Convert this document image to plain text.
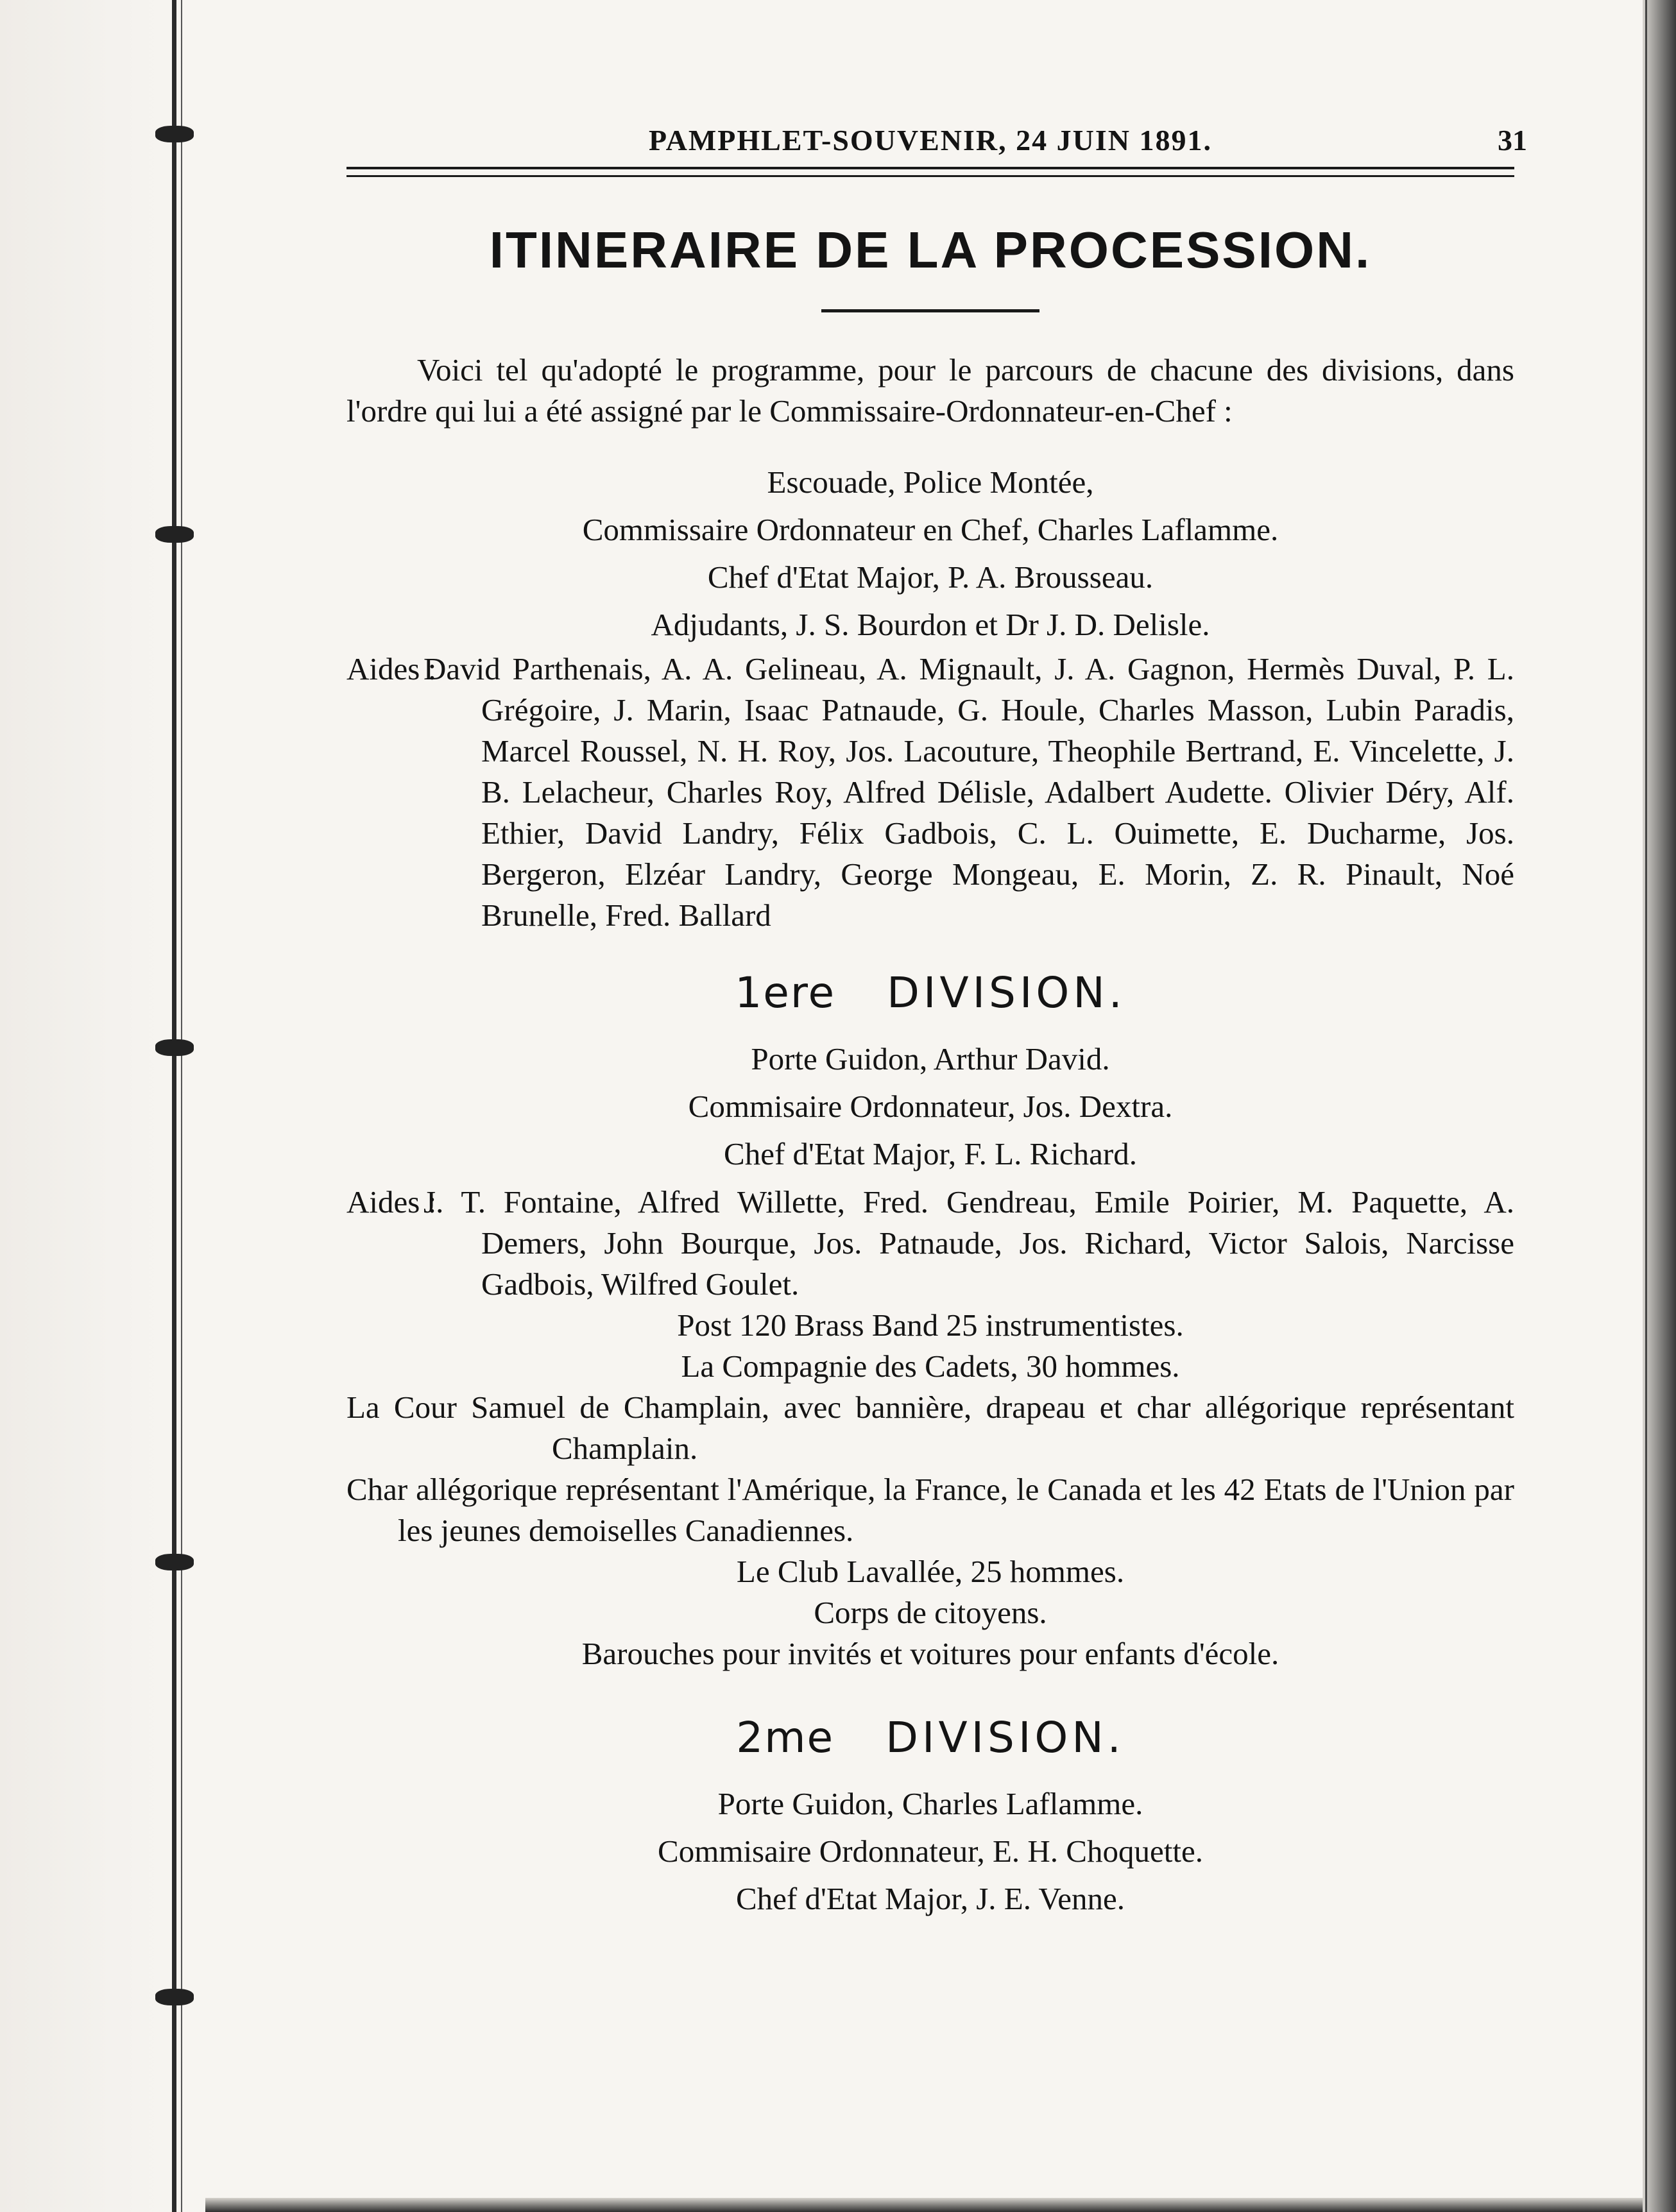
PAMPHLET-SOUVENIR, 24 JUIN 1891.	31
ITINERAIRE DE LA PROCESSION.

Voici tel qu'adopté le programme, pour le parcours de chacune des divisions, dans l'ordre qui lui a été assigné par le Commissaire-Ordonnateur-en-Chef :

Escouade, Police Montée,
Commissaire Ordonnateur en Chef, Charles Laflamme.
Chef d'Etat Major, P. A. Brousseau.
Adjudants, J. S. Bourdon et Dr J. D. Delisle.
Aides :
David Parthenais, A. A. Gelineau, A. Mignault, J. A. Gagnon, Hermès Duval, P. L. Grégoire, J. Marin, Isaac Patnaude, G. Houle, Charles Masson, Lubin Paradis, Marcel Roussel, N. H. Roy, Jos. Lacouture, Theophile Bertrand, E. Vincelette, J. B. Lelacheur, Charles Roy, Alfred Délisle, Adalbert Audette. Olivier Déry, Alf. Ethier, David Landry, Félix Gadbois, C. L. Ouimette, E. Ducharme, Jos. Bergeron, Elzéar Landry, George Mongeau, E. Morin, Z. R. Pinault, Noé Brunelle, Fred. Ballard
1ere DIVISION.
Porte Guidon, Arthur David.
Commisaire Ordonnateur, Jos. Dextra.
Chef d'Etat Major, F. L. Richard.
Aides :
J. T. Fontaine, Alfred Willette, Fred. Gendreau, Emile Poirier, M. Paquette, A. Demers, John Bourque, Jos. Patnaude, Jos. Richard, Victor Salois, Narcisse Gadbois, Wilfred Goulet.
Post 120 Brass Band 25 instrumentistes.
La Compagnie des Cadets, 30 hommes.
La Cour Samuel de Champlain, avec bannière, drapeau et char allégorique représentant Champlain.
Char allégorique représentant l'Amérique, la France, le Canada et les 42 Etats de l'Union par les jeunes demoiselles Canadiennes.
Le Club Lavallée, 25 hommes.
Corps de citoyens.
Barouches pour invités et voitures pour enfants d'école.
2me DIVISION.
Porte Guidon, Charles Laflamme.
Commisaire Ordonnateur, E. H. Choquette.
Chef d'Etat Major, J. E. Venne.
